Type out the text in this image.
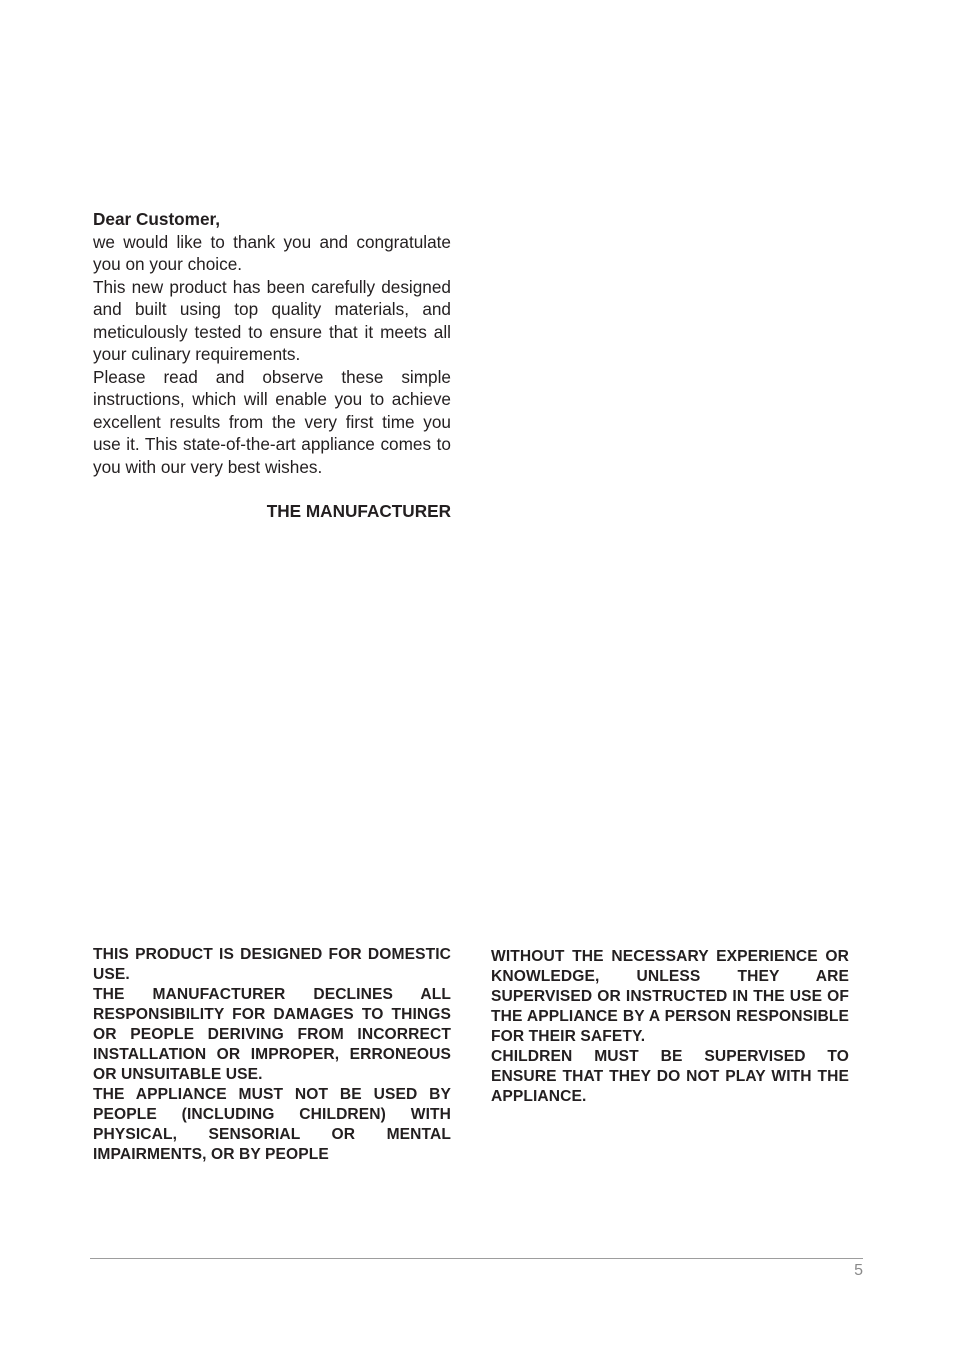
Dear Customer,

we would like to thank you and congratulate you on your choice.

This new product has been carefully designed and built using top quality materials, and meticulously tested to ensure that it meets all your culinary requirements.

Please read and observe these simple instructions, which will enable you to achieve excellent results from the very first time you use it. This state-of-the-art appliance comes to you with our very best wishes.

THE MANUFACTURER

THIS PRODUCT IS DESIGNED FOR DOMESTIC USE.

THE MANUFACTURER DECLINES ALL RESPONSIBILITY FOR DAMAGES TO THINGS OR PEOPLE DERIVING FROM INCORRECT INSTALLATION OR IMPROPER, ERRONEOUS OR UNSUITABLE USE.

THE APPLIANCE MUST NOT BE USED BY PEOPLE (INCLUDING CHILDREN) WITH PHYSICAL, SENSORIAL OR MENTAL IMPAIRMENTS, OR BY PEOPLE

WITHOUT THE NECESSARY EXPERIENCE OR KNOWLEDGE, UNLESS THEY ARE SUPERVISED OR INSTRUCTED IN THE USE OF THE APPLIANCE BY A PERSON RESPONSIBLE FOR THEIR SAFETY.

CHILDREN MUST BE SUPERVISED TO ENSURE THAT THEY DO NOT PLAY WITH THE APPLIANCE.

5
